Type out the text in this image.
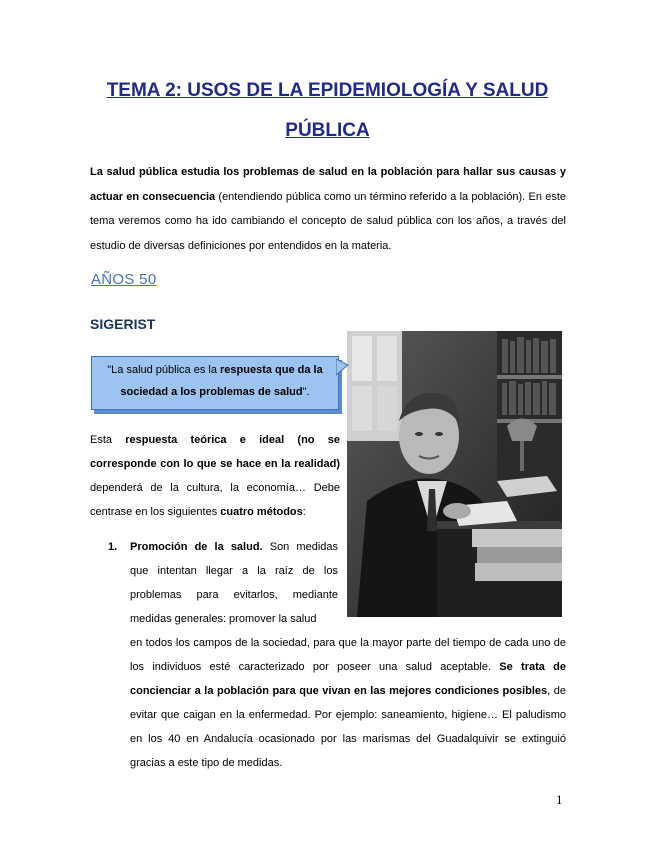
TEMA 2: USOS DE LA EPIDEMIOLOGÍA Y SALUD
PÚBLICA

La salud pública estudia los problemas de salud en la población para hallar sus causas y actuar en consecuencia (entendiendo pública como un término referido a la población). En este tema veremos como ha ido cambiando el concepto de salud pública con los años, a través del estudio de diversas definiciones por entendidos en la materia.

AÑOS 50

SIGERIST

"La salud pública es la respuesta que da la sociedad a los problemas de salud".

Esta respuesta teórica e ideal (no se corresponde con lo que se hace en la realidad) dependerá de la cultura, la economía… Debe centrase en los siguientes cuatro métodos:

1. Promoción de la salud. Son medidas que intentan llegar a la raíz de los problemas para evitarlos, mediante medidas generales: promover la salud

en todos los campos de la sociedad, para que la mayor parte del tiempo de cada uno de los individuos esté caracterizado por poseer una salud aceptable. Se trata de concienciar a la población para que vivan en las mejores condiciones posibles, de evitar que caigan en la enfermedad. Por ejemplo: saneamiento, higiene… El paludismo en los 40 en Andalucía ocasionado por las marismas del Guadalquivir se extinguió gracias a este tipo de medidas.

1
